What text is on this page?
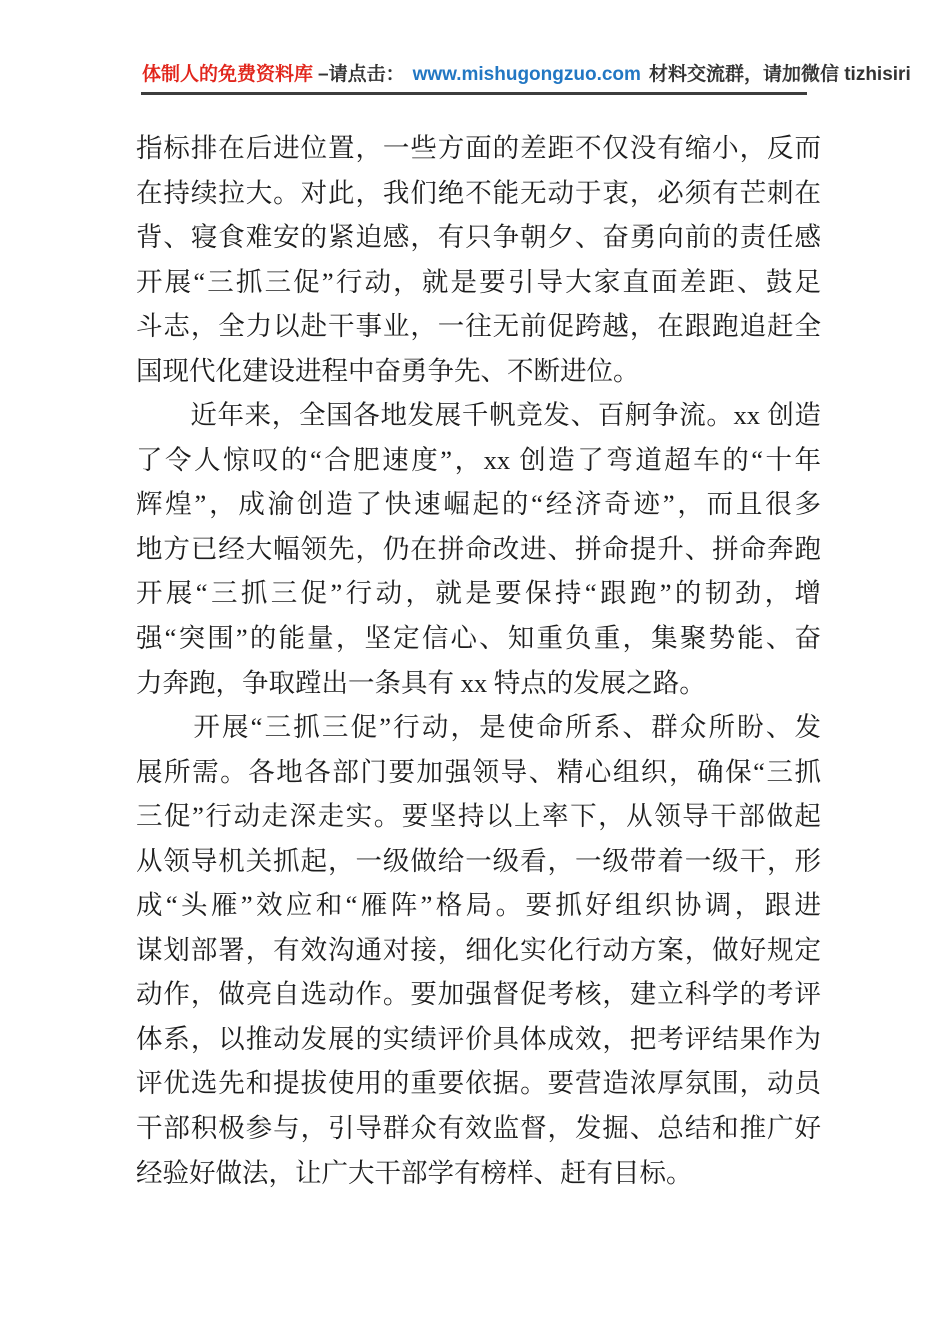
体制人的免费资料库 –请点击： www.mishugongzuo.com 材料交流群，请加微信 tizhisiri
指标排在后进位置，一些方面的差距不仅没有缩小，反而
在持续拉大。对此，我们绝不能无动于衷，必须有芒刺在
背、寝食难安的紧迫感，有只争朝夕、奋勇向前的责任感
开展“三抓三促”行动，就是要引导大家直面差距、鼓足
斗志，全力以赴干事业，一往无前促跨越，在跟跑追赶全
国现代化建设进程中奋勇争先、不断进位。
　　近年来，全国各地发展千帆竞发、百舸争流。xx 创造
了令人惊叹的“合肥速度”，xx 创造了弯道超车的“十年
辉煌”，成渝创造了快速崛起的“经济奇迹”，而且很多
地方已经大幅领先，仍在拼命改进、拼命提升、拼命奔跑
开展“三抓三促”行动，就是要保持“跟跑”的韧劲，增
强“突围”的能量，坚定信心、知重负重，集聚势能、奋
力奔跑，争取蹚出一条具有 xx 特点的发展之路。
　　开展“三抓三促”行动，是使命所系、群众所盼、发
展所需。各地各部门要加强领导、精心组织，确保“三抓
三促”行动走深走实。要坚持以上率下，从领导干部做起
从领导机关抓起，一级做给一级看，一级带着一级干，形
成“头雁”效应和“雁阵”格局。要抓好组织协调，跟进
谋划部署，有效沟通对接，细化实化行动方案，做好规定
动作，做亮自选动作。要加强督促考核，建立科学的考评
体系，以推动发展的实绩评价具体成效，把考评结果作为
评优选先和提拔使用的重要依据。要营造浓厚氛围，动员
干部积极参与，引导群众有效监督，发掘、总结和推广好
经验好做法，让广大干部学有榜样、赶有目标。
